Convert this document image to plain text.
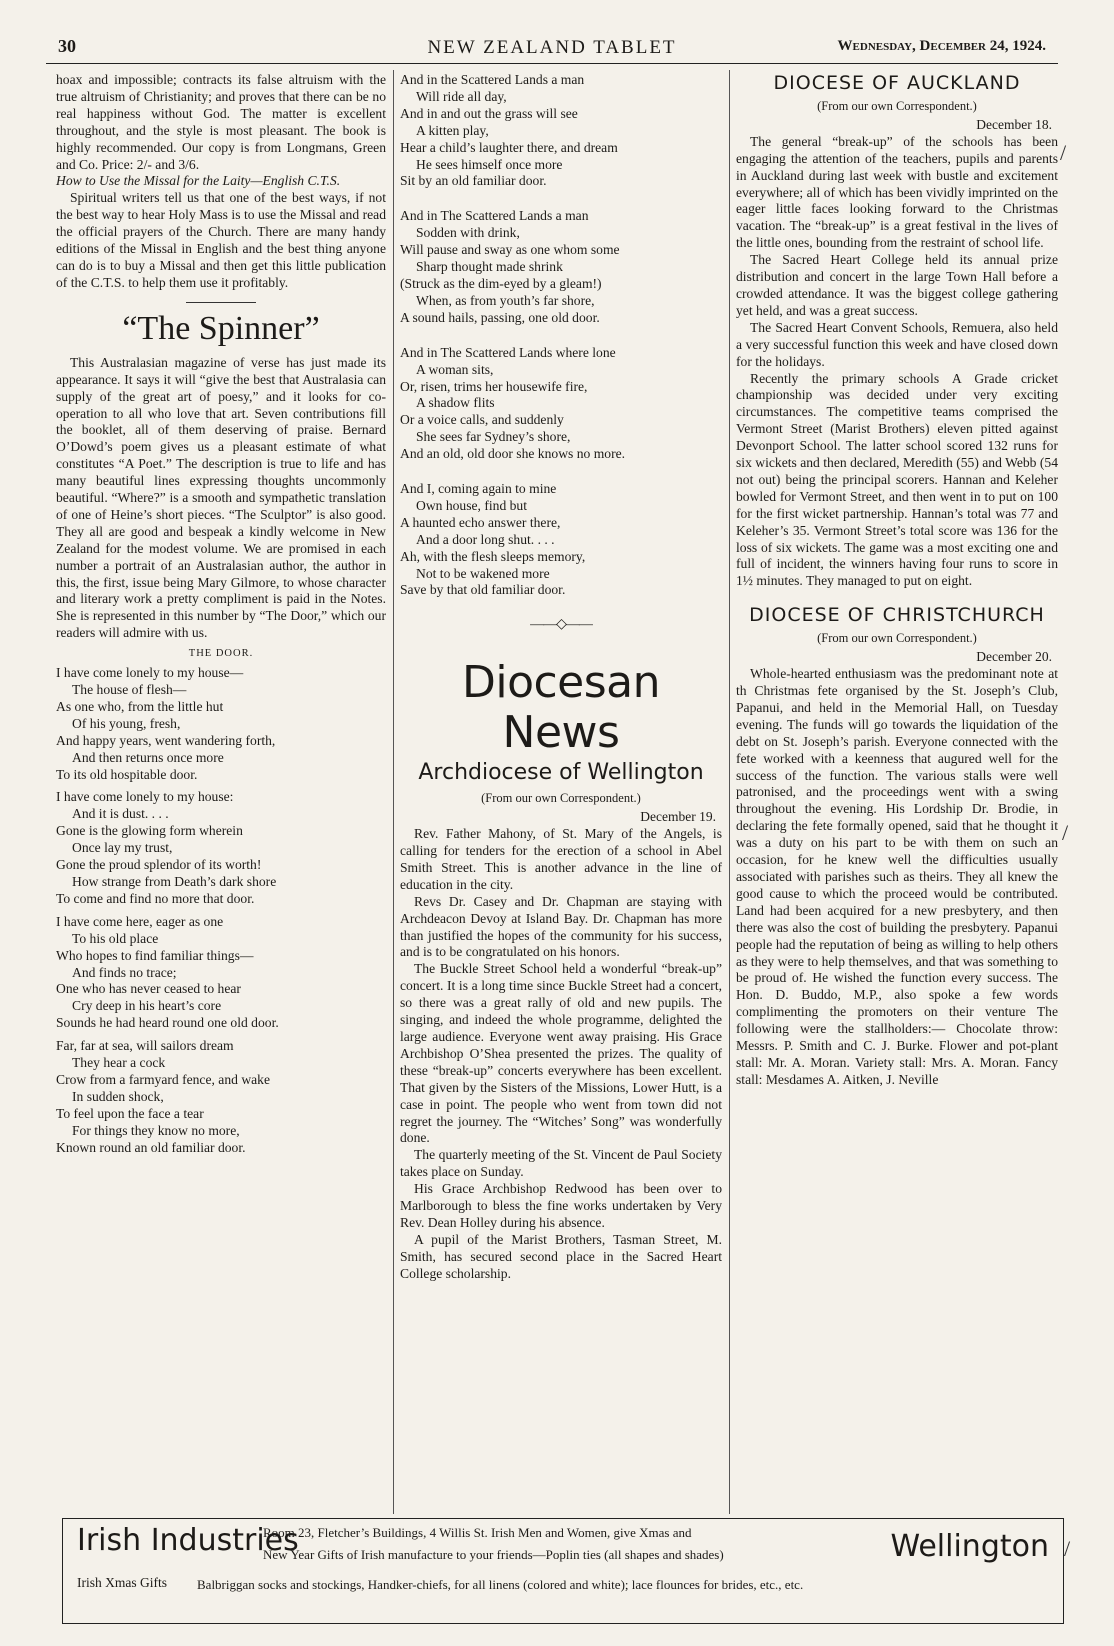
30	NEW ZEALAND TABLET	Wednesday, December 24, 1924.

hoax and impossible; contracts its false altruism with the true altruism of Christianity; and proves that there can be no real happiness without God. The matter is excellent throughout, and the style is most pleasant. The book is highly recommended. Our copy is from Longmans, Green and Co. Price: 2/- and 3/6.

How to Use the Missal for the Laity—English C.T.S.

Spiritual writers tell us that one of the best ways, if not the best way to hear Holy Mass is to use the Missal and read the official prayers of the Church. There are many handy editions of the Missal in English and the best thing anyone can do is to buy a Missal and then get this little publication of the C.T.S. to help them use it profitably.

“The Spinner”

This Australasian magazine of verse has just made its appearance. It says it will “give the best that Australasia can supply of the great art of poesy,” and it looks for co-operation to all who love that art. Seven contributions fill the booklet, all of them deserving of praise. Bernard O’Dowd’s poem gives us a pleasant estimate of what constitutes “A Poet.” The description is true to life and has many beautiful lines expressing thoughts uncommonly beautiful. “Where?” is a smooth and sympathetic translation of one of Heine’s short pieces. “The Sculptor” is also good. They all are good and bespeak a kindly welcome in New Zealand for the modest volume. We are promised in each number a portrait of an Australasian author, the author in this, the first, issue being Mary Gilmore, to whose character and literary work a pretty compliment is paid in the Notes. She is represented in this number by “The Door,” which our readers will admire with us.

THE DOOR.
I have come lonely to my house—
The house of flesh—
As one who, from the little hut
Of his young, fresh,
And happy years, went wandering forth,
And then returns once more
To its old hospitable door.
I have come lonely to my house:
And it is dust. . . .
Gone is the glowing form wherein
Once lay my trust,
Gone the proud splendor of its worth!
How strange from Death’s dark shore
To come and find no more that door.
I have come here, eager as one
To his old place
Who hopes to find familiar things—
And finds no trace;
One who has never ceased to hear
Cry deep in his heart’s core
Sounds he had heard round one old door.
Far, far at sea, will sailors dream
They hear a cock
Crow from a farmyard fence, and wake
In sudden shock,
To feel upon the face a tear
For things they know no more,
Known round an old familiar door.
And in the Scattered Lands a man
Will ride all day,
And in and out the grass will see
A kitten play,
Hear a child’s laughter there, and dream
He sees himself once more
Sit by an old familiar door.
And in The Scattered Lands a man
Sodden with drink,
Will pause and sway as one whom some
Sharp thought made shrink
(Struck as the dim-eyed by a gleam!)
When, as from youth’s far shore,
A sound hails, passing, one old door.
And in The Scattered Lands where lone
A woman sits,
Or, risen, trims her housewife fire,
A shadow flits
Or a voice calls, and suddenly
She sees far Sydney’s shore,
And an old, old door she knows no more.
And I, coming again to mine
Own house, find but
A haunted echo answer there,
And a door long shut. . . .
Ah, with the flesh sleeps memory,
Not to be wakened more
Save by that old familiar door.
——◇——
Diocesan News
Archdiocese of Wellington
(From our own Correspondent.)
December 19.

Rev. Father Mahony, of St. Mary of the Angels, is calling for tenders for the erection of a school in Abel Smith Street. This is another advance in the line of education in the city.

Revs Dr. Casey and Dr. Chapman are staying with Archdeacon Devoy at Island Bay. Dr. Chapman has more than justified the hopes of the community for his success, and is to be congratulated on his honors.

The Buckle Street School held a wonderful “break-up” concert. It is a long time since Buckle Street had a concert, so there was a great rally of old and new pupils. The singing, and indeed the whole programme, delighted the large audience. Everyone went away praising. His Grace Archbishop O’Shea presented the prizes. The quality of these “break-up” concerts everywhere has been excellent. That given by the Sisters of the Missions, Lower Hutt, is a case in point. The people who went from town did not regret the journey. The “Witches’ Song” was wonderfully done.

The quarterly meeting of the St. Vincent de Paul Society takes place on Sunday.

His Grace Archbishop Redwood has been over to Marlborough to bless the fine works undertaken by Very Rev. Dean Holley during his absence.

A pupil of the Marist Brothers, Tasman Street, M. Smith, has secured second place in the Sacred Heart College scholarship.

DIOCESE OF AUCKLAND
(From our own Correspondent.)
December 18.

The general “break-up” of the schools has been engaging the attention of the teachers, pupils and parents in Auckland during last week with bustle and excitement everywhere; all of which has been vividly imprinted on the eager little faces looking forward to the Christmas vacation. The “break-up” is a great festival in the lives of the little ones, bounding from the restraint of school life.

The Sacred Heart College held its annual prize distribution and concert in the large Town Hall before a crowded attendance. It was the biggest college gathering yet held, and was a great success.

The Sacred Heart Convent Schools, Remuera, also held a very successful function this week and have closed down for the holidays.

Recently the primary schools A Grade cricket championship was decided under very exciting circumstances. The competitive teams comprised the Vermont Street (Marist Brothers) eleven pitted against Devonport School. The latter school scored 132 runs for six wickets and then declared, Meredith (55) and Webb (54 not out) being the principal scorers. Hannan and Keleher bowled for Vermont Street, and then went in to put on 100 for the first wicket partnership. Hannan’s total was 77 and Keleher’s 35. Vermont Street’s total score was 136 for the loss of six wickets. The game was a most exciting one and full of incident, the winners having four runs to score in 1½ minutes. They managed to put on eight.

DIOCESE OF CHRISTCHURCH
(From our own Correspondent.)
December 20.

Whole-hearted enthusiasm was the predominant note at th Christmas fete organised by the St. Joseph’s Club, Papanui, and held in the Memorial Hall, on Tuesday evening. The funds will go towards the liquidation of the debt on St. Joseph’s parish. Everyone connected with the fete worked with a keenness that augured well for the success of the function. The various stalls were well patronised, and the proceedings went with a swing throughout the evening. His Lordship Dr. Brodie, in declaring the fete formally opened, said that he thought it was a duty on his part to be with them on such an occasion, for he knew well the difficulties usually associated with parishes such as theirs. They all knew the good cause to which the proceed would be contributed. Land had been acquired for a new presbytery, and then there was also the cost of building the presbytery. Papanui people had the reputation of being as willing to help others as they were to help themselves, and that was something to be proud of. He wished the function every success. The Hon. D. Buddo, M.P., also spoke a few words complimenting the promoters on their venture The following were the stallholders:— Chocolate throw: Messrs. P. Smith and C. J. Burke. Flower and pot-plant stall: Mr. A. Moran. Variety stall: Mrs. A. Moran. Fancy stall: Mesdames A. Aitken, J. Neville

Irish Industries
Room 23, Fletcher’s Buildings, 4 Willis St. Irish Men and Women, give Xmas and
New Year Gifts of Irish manufacture to your friends—Poplin ties (all shapes and shades)	Wellington
Irish Xmas Gifts Balbriggan socks and stockings, Handker-chiefs, for all linens (colored and white); lace flounces for brides, etc., etc.
/
/
/
